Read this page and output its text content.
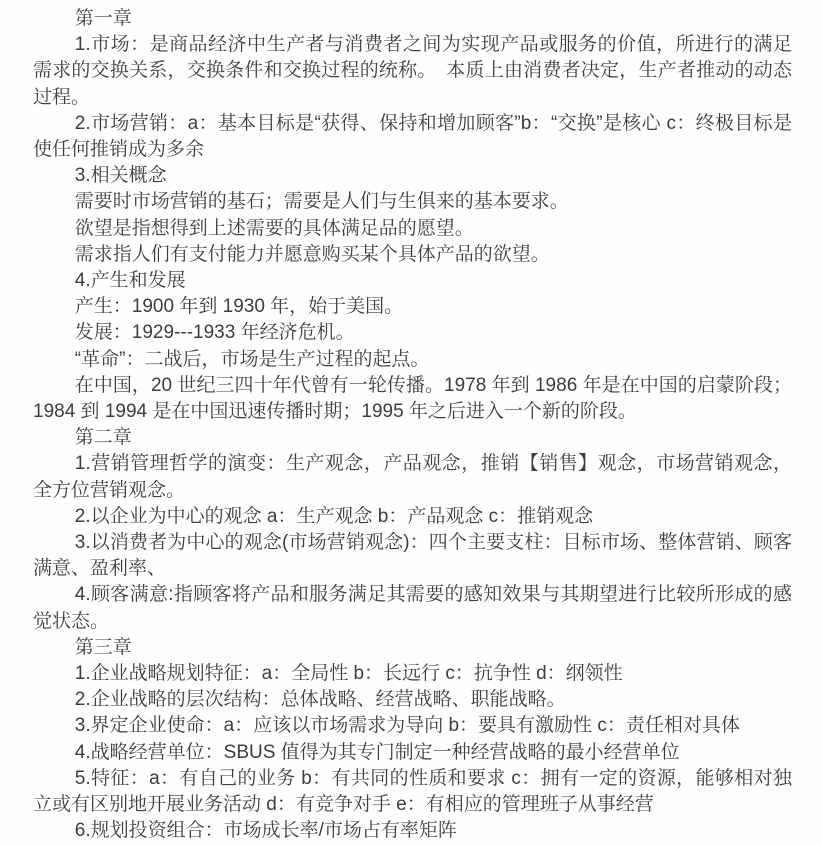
第一章

1.市场：是商品经济中生产者与消费者之间为实现产品或服务的价值，所进行的满足需求的交换关系，交换条件和交换过程的统称。　本质上由消费者决定，生产者推动的动态过程。

2.市场营销：a：基本目标是“获得、保持和增加顾客”b：“交换”是核心 c：终极目标是使任何推销成为多余

3.相关概念

需要时市场营销的基石；需要是人们与生俱来的基本要求。

欲望是指想得到上述需要的具体满足品的愿望。

需求指人们有支付能力并愿意购买某个具体产品的欲望。

4.产生和发展

产生：1900 年到 1930 年，始于美国。

发展：1929---1933 年经济危机。

“革命”：二战后，市场是生产过程的起点。

在中国，20 世纪三四十年代曾有一轮传播。1978 年到 1986 年是在中国的启蒙阶段；1984 到 1994 是在中国迅速传播时期；1995 年之后进入一个新的阶段。

第二章

1.营销管理哲学的演变：生产观念，产品观念，推销【销售】观念，市场营销观念，全方位营销观念。

2.以企业为中心的观念 a：生产观念 b：产品观念 c：推销观念

3.以消费者为中心的观念(市场营销观念)：四个主要支柱：目标市场、整体营销、顾客满意、盈利率、

4.顾客满意:指顾客将产品和服务满足其需要的感知效果与其期望进行比较所形成的感觉状态。

第三章

1.企业战略规划特征：a：全局性 b：长远行 c：抗争性 d：纲领性

2.企业战略的层次结构：总体战略、经营战略、职能战略。

3.界定企业使命：a：应该以市场需求为导向 b：要具有激励性 c：责任相对具体

4.战略经营单位：SBUS 值得为其专门制定一种经营战略的最小经营单位

5.特征：a：有自己的业务 b：有共同的性质和要求 c：拥有一定的资源，能够相对独立或有区别地开展业务活动 d：有竞争对手 e：有相应的管理班子从事经营

6.规划投资组合：市场成长率/市场占有率矩阵
